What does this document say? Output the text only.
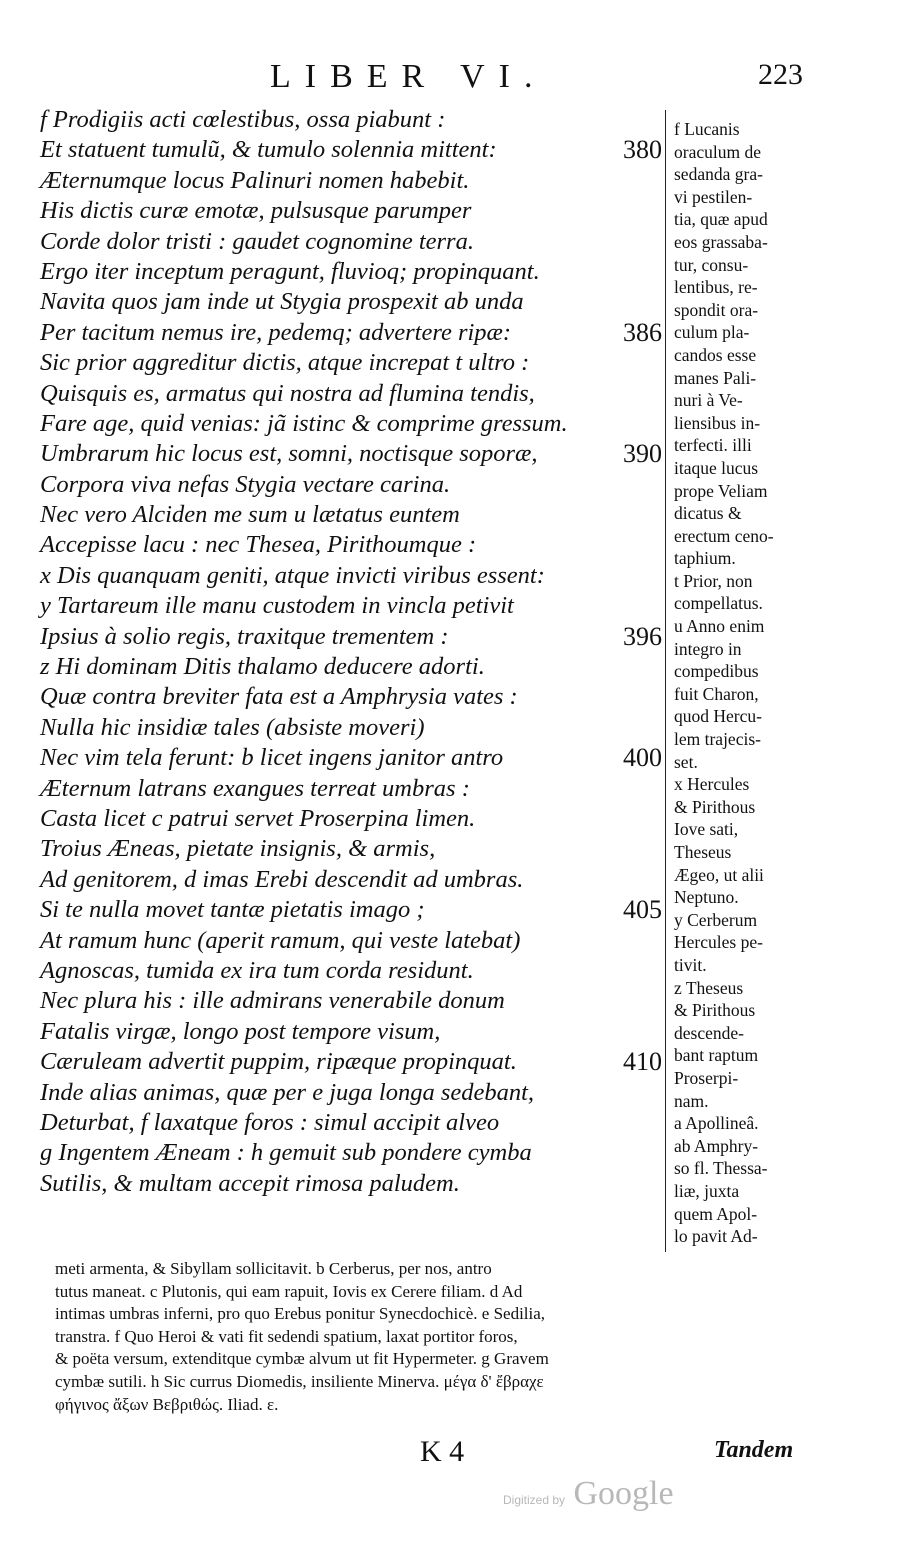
LIBER VI.	223
f Prodigiis acti cœlestibus, ossa piabunt :
Et statuent tumulũ, & tumulo solennia mittent:	380
Æternumque locus Palinuri nomen habebit.
His dictis curæ emotæ, pulsusque parumper
Corde dolor tristi : gaudet cognomine terra.
Ergo iter inceptum peragunt, fluvioq; propinquant.
Navita quos jam inde ut Stygia prospexit ab unda
Per tacitum nemus ire, pedemq; advertere ripæ:	386
Sic prior aggreditur dictis, atque increpat t ultro :
Quisquis es, armatus qui nostra ad flumina tendis,
Fare age, quid venias: jã istinc & comprime gressum.
Umbrarum hic locus est, somni, noctisque soporæ,	390
Corpora viva nefas Stygia vectare carina.
Nec vero Alciden me sum u lætatus euntem
Accepisse lacu : nec Thesea, Pirithoumque :
x Dis quanquam geniti, atque invicti viribus essent:
y Tartareum ille manu custodem in vincla petivit
Ipsius à solio regis, traxitque trementem :	396
z Hi dominam Ditis thalamo deducere adorti.
Quæ contra breviter fata est a Amphrysia vates :
Nulla hic insidiæ tales (absiste moveri)
Nec vim tela ferunt: b licet ingens janitor antro	400
Æternum latrans exangues terreat umbras :
Casta licet c patrui servet Proserpina limen.
Troius Æneas, pietate insignis, & armis,
Ad genitorem, d imas Erebi descendit ad umbras.
Si te nulla movet tantæ pietatis imago ;	405
At ramum hunc (aperit ramum, qui veste latebat)
Agnoscas, tumida ex ira tum corda residunt.
Nec plura his : ille admirans venerabile donum
Fatalis virgæ, longo post tempore visum,
Cæruleam advertit puppim, ripæque propinquat.	410
Inde alias animas, quæ per e juga longa sedebant,
Deturbat, f laxatque foros : simul accipit alveo
g Ingentem Æneam : h gemuit sub pondere cymba
Sutilis, & multam accepit rimosa paludem.
f Lucanis
oraculum de
sedanda gra-
vi pestilen-
tia, quæ apud
eos grassaba-
tur, consu-
lentibus, re-
spondit ora-
culum pla-
candos esse
manes Pali-
nuri à Ve-
liensibus in-
terfecti. illi
itaque lucus
prope Veliam
dicatus &
erectum ceno-
taphium.
t Prior, non
compellatus.
u Anno enim
integro in
compedibus
fuit Charon,
quod Hercu-
lem trajecis-
set.
x Hercules
& Pirithous
Iove sati,
Theseus
Ægeo, ut alii
Neptuno.
y Cerberum
Hercules pe-
tivit.
z Theseus
& Pirithous
descende-
bant raptum
Proserpi-
nam.
a Apollineâ.
ab Amphry-
so fl. Thessa-
liæ, juxta
quem Apol-
lo pavit Ad-
meti armenta, & Sibyllam sollicitavit. b Cerberus, per nos, antro
tutus maneat. c Plutonis, qui eam rapuit, Iovis ex Cerere filiam. d Ad
intimas umbras inferni, pro quo Erebus ponitur Synecdochicè. e Sedilia,
transtra. f Quo Heroi & vati fit sedendi spatium, laxat portitor foros,
& poëta versum, extenditque cymbæ alvum ut fit Hypermeter. g Gravem
cymbæ sutili. h Sic currus Diomedis, insiliente Minerva. μέγα δ' ἔβραχε
φήγινος ἄξων Βεβριθώς. Iliad. ε.
K 4	Tandem
Digitized by Google
